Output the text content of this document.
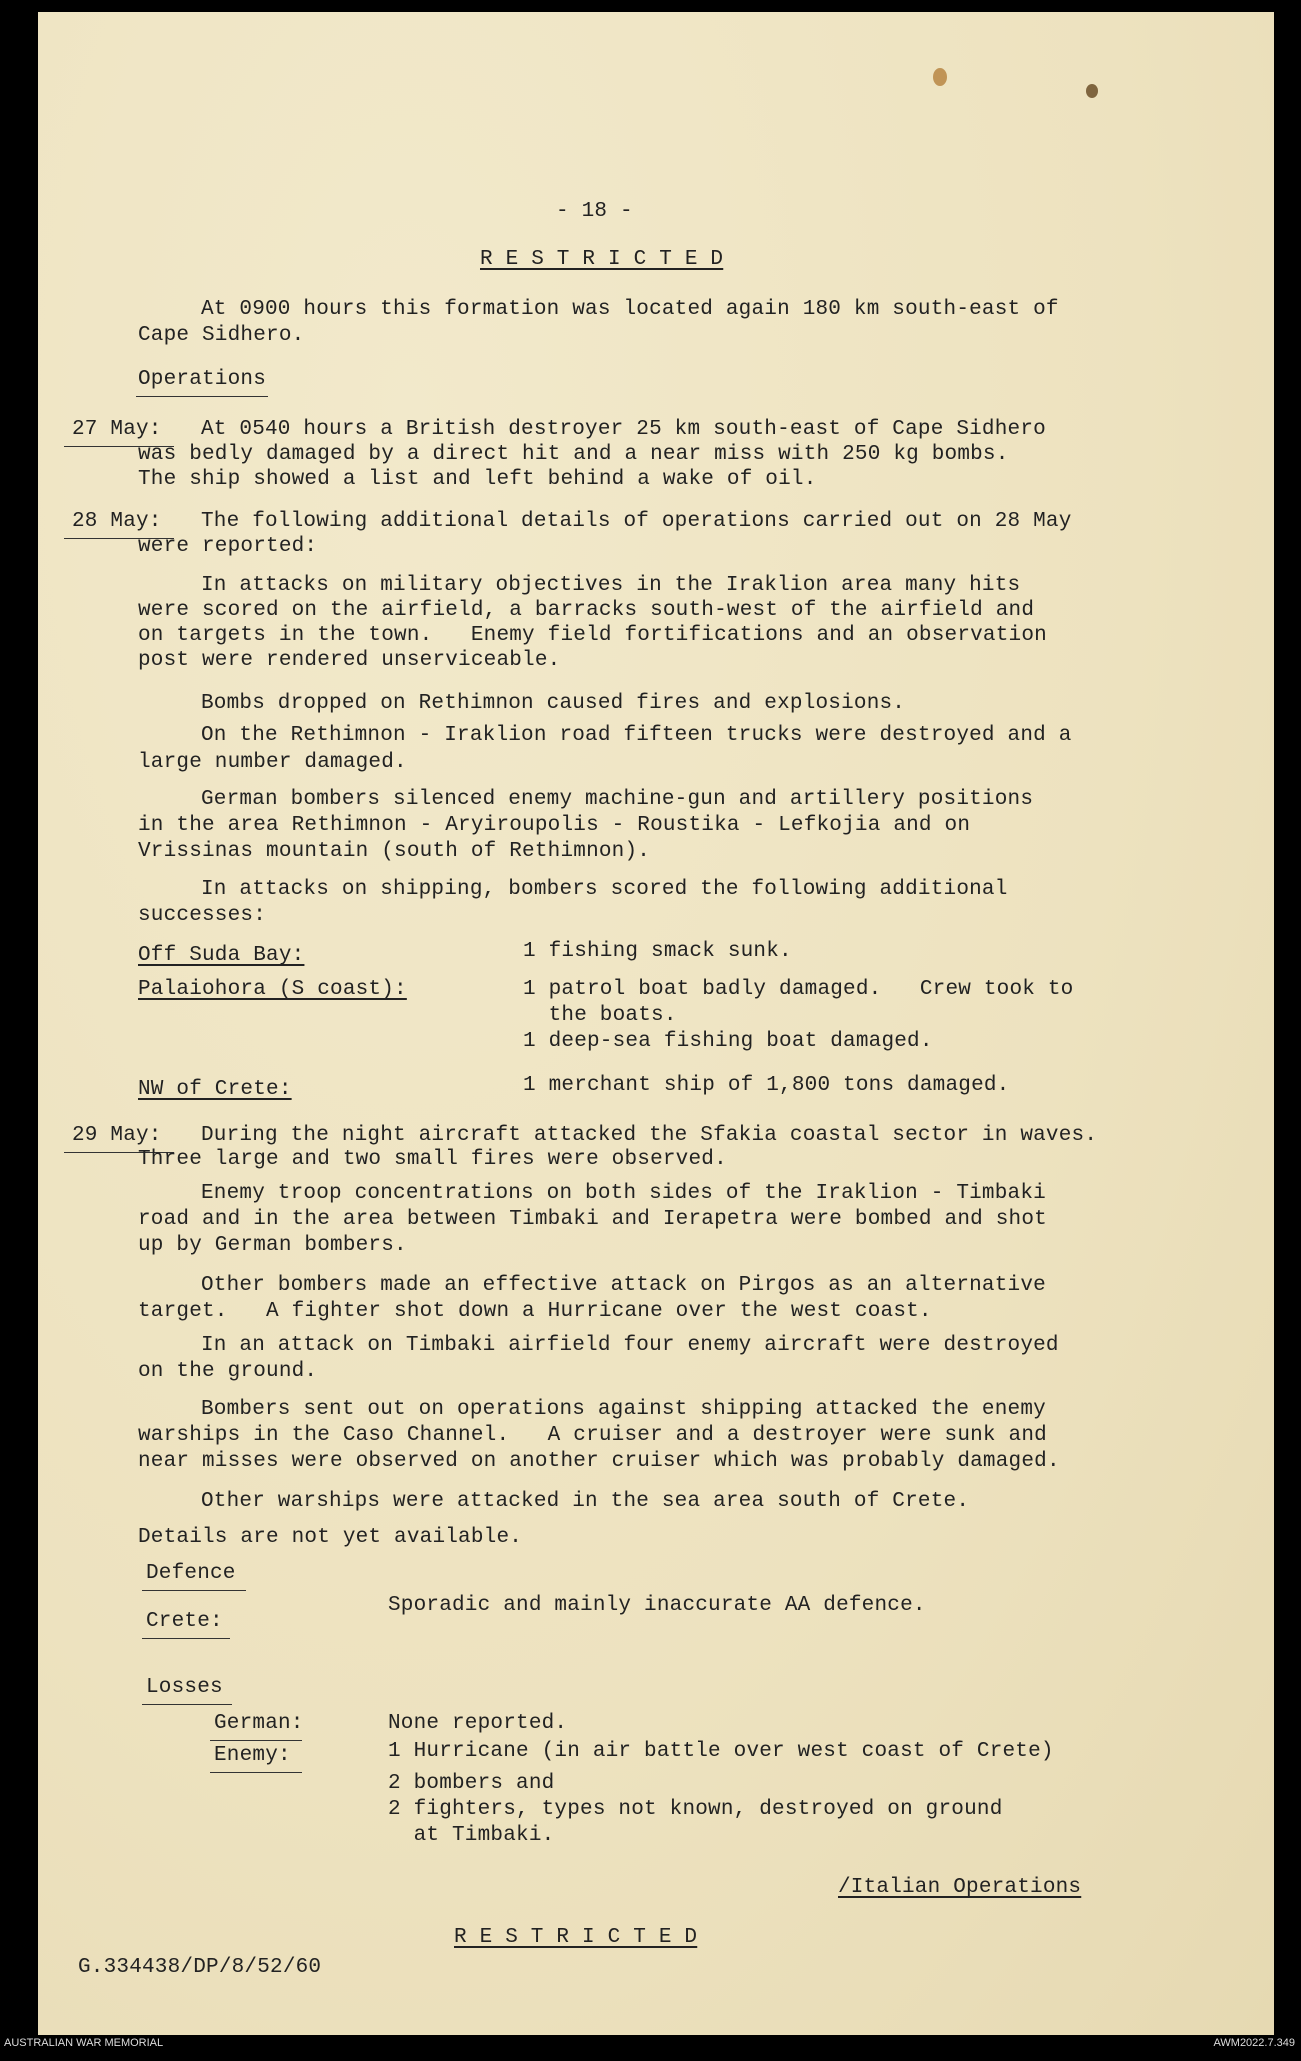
- 18 -
R E S T R I C T E D
At 0900 hours this formation was located again 180 km south-east of
Cape Sidhero.
Operations
27 May: At 0540 hours a British destroyer 25 km south-east of Cape Sidhero
was bedly damaged by a direct hit and a near miss with 250 kg bombs.
The ship showed a list and left behind a wake of oil.
28 May: The following additional details of operations carried out on 28 May
were reported:
In attacks on military objectives in the Iraklion area many hits
were scored on the airfield, a barracks south-west of the airfield and
on targets in the town.   Enemy field fortifications and an observation
post were rendered unserviceable.
Bombs dropped on Rethimnon caused fires and explosions.
On the Rethimnon - Iraklion road fifteen trucks were destroyed and a
large number damaged.
German bombers silenced enemy machine-gun and artillery positions
in the area Rethimnon - Aryiroupolis - Roustika - Lefkojia and on
Vrissinas mountain (south of Rethimnon).
In attacks on shipping, bombers scored the following additional
successes:
Off Suda Bay:	1 fishing smack sunk.
Palaiohora (S coast):	1 patrol boat badly damaged.   Crew took to
the boats.
1 deep-sea fishing boat damaged.
NW of Crete:	1 merchant ship of 1,800 tons damaged.
29 May: During the night aircraft attacked the Sfakia coastal sector in waves.
Three large and two small fires were observed.
Enemy troop concentrations on both sides of the Iraklion - Timbaki
road and in the area between Timbaki and Ierapetra were bombed and shot
up by German bombers.
Other bombers made an effective attack on Pirgos as an alternative
target.   A fighter shot down a Hurricane over the west coast.
In an attack on Timbaki airfield four enemy aircraft were destroyed
on the ground.
Bombers sent out on operations against shipping attacked the enemy
warships in the Caso Channel.   A cruiser and a destroyer were sunk and
near misses were observed on another cruiser which was probably damaged.
Other warships were attacked in the sea area south of Crete.
Details are not yet available.
Defence
Crete:
Sporadic and mainly inaccurate AA defence.
Losses
German:	None reported.
Enemy:	1 Hurricane (in air battle over west coast of Crete)
2 bombers and
2 fighters, types not known, destroyed on ground
at Timbaki.
/Italian Operations
R E S T R I C T E D
G.334438/DP/8/52/60
AUSTRALIAN WAR MEMORIAL	AWM2022.7.349
